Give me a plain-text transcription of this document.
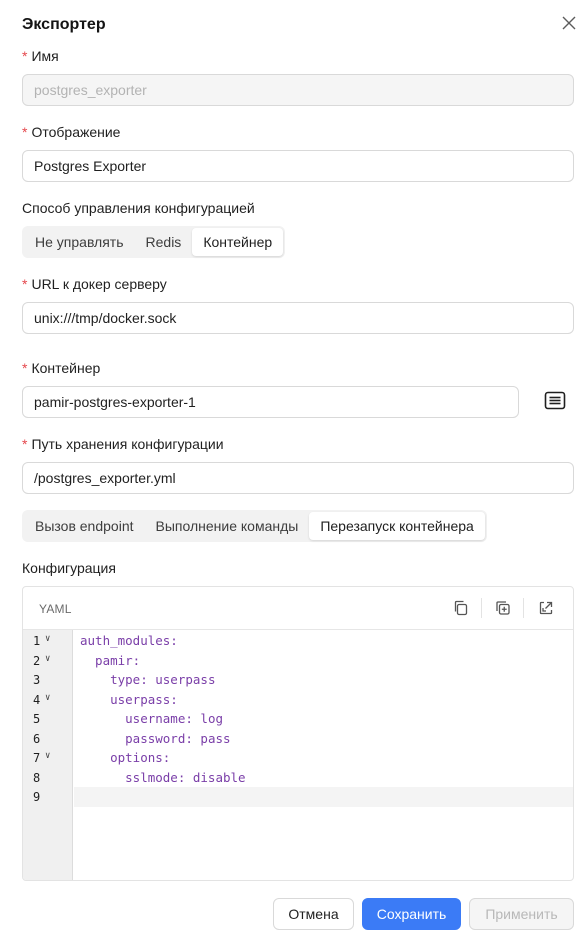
Экспортер
* Имя
postgres_exporter
* Отображение
Postgres Exporter
Способ управления конфигурацией
Не управлять	Redis	Контейнер
* URL к докер серверу
unix:///tmp/docker.sock
* Контейнер
pamir-postgres-exporter-1
* Путь хранения конфигурации
/postgres_exporter.yml
Вызов endpoint	Выполнение команды	Перезапуск контейнера
Конфигурация
YAML
1 ∨
2 ∨
3
4 ∨
5
6
7 ∨
8
9
auth_modules:
pamir:
type: userpass
userpass:
username: log
password: pass
options:
sslmode: disable
Отмена	Сохранить	Применить
